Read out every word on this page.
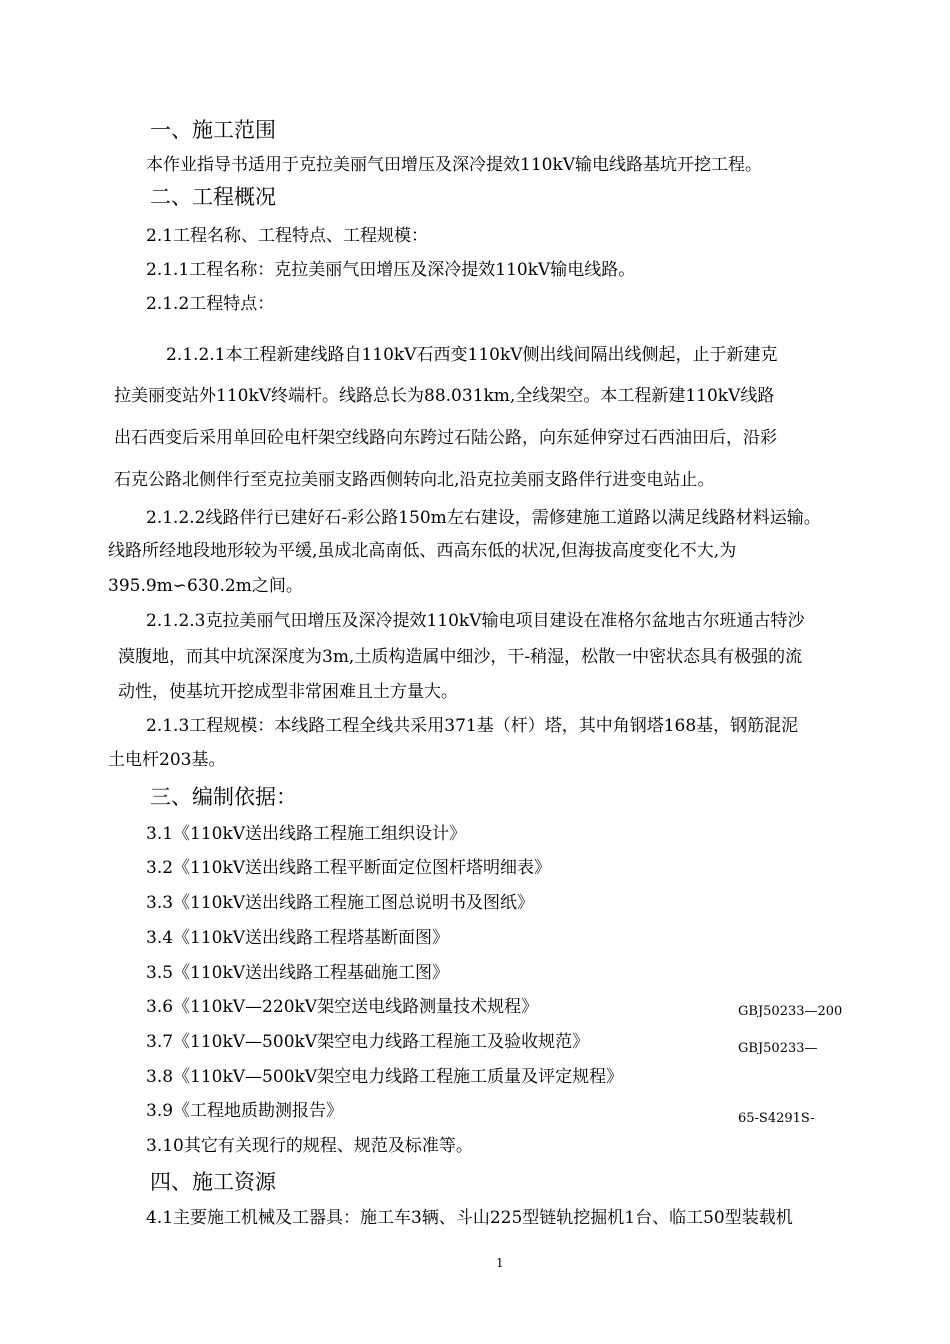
一、施工范围
本作业指导书适用于克拉美丽气田增压及深冷提效110kV输电线路基坑开挖工程。
二、工程概况
2.1工程名称、工程特点、工程规模：
2.1.1工程名称：克拉美丽气田增压及深冷提效110kV输电线路。
2.1.2工程特点：
2.1.2.1本工程新建线路自110kV石西变110kV侧出线间隔出线侧起，止于新建克
拉美丽变站外110kV终端杆。线路总长为88.031km,全线架空。本工程新建110kV线路
出石西变后采用单回砼电杆架空线路向东跨过石陆公路，向东延伸穿过石西油田后，沿彩
石克公路北侧伴行至克拉美丽支路西侧转向北,沿克拉美丽支路伴行进变电站止。
2.1.2.2线路伴行已建好石-彩公路150m左右建设，需修建施工道路以满足线路材料运输。
线路所经地段地形较为平缓,虽成北高南低、西高东低的状况,但海拔高度变化不大,为
395.9m∽630.2m之间。
2.1.2.3克拉美丽气田增压及深冷提效110kV输电项目建设在准格尔盆地古尔班通古特沙
漠腹地，而其中坑深深度为3m,土质构造属中细沙，干-稍湿，松散一中密状态具有极强的流
动性，使基坑开挖成型非常困难且土方量大。
2.1.3工程规模：本线路工程全线共采用371基（杆）塔，其中角钢塔168基，钢筋混泥
土电杆203基。
三、编制依据：
3.1《110kV送出线路工程施工组织设计》
3.2《110kV送出线路工程平断面定位图杆塔明细表》
3.3《110kV送出线路工程施工图总说明书及图纸》
3.4《110kV送出线路工程塔基断面图》
3.5《110kV送出线路工程基础施工图》
3.6《110kV—220kV架空送电线路测量技术规程》	GBJ50233—200
3.7《110kV—500kV架空电力线路工程施工及验收规范》	GBJ50233—
3.8《110kV—500kV架空电力线路工程施工质量及评定规程》
3.9《工程地质勘测报告》	65-S4291S-
3.10其它有关现行的规程、规范及标准等。
四、施工资源
4.1主要施工机械及工器具：施工车3辆、斗山225型链轨挖掘机1台、临工50型装载机
1
